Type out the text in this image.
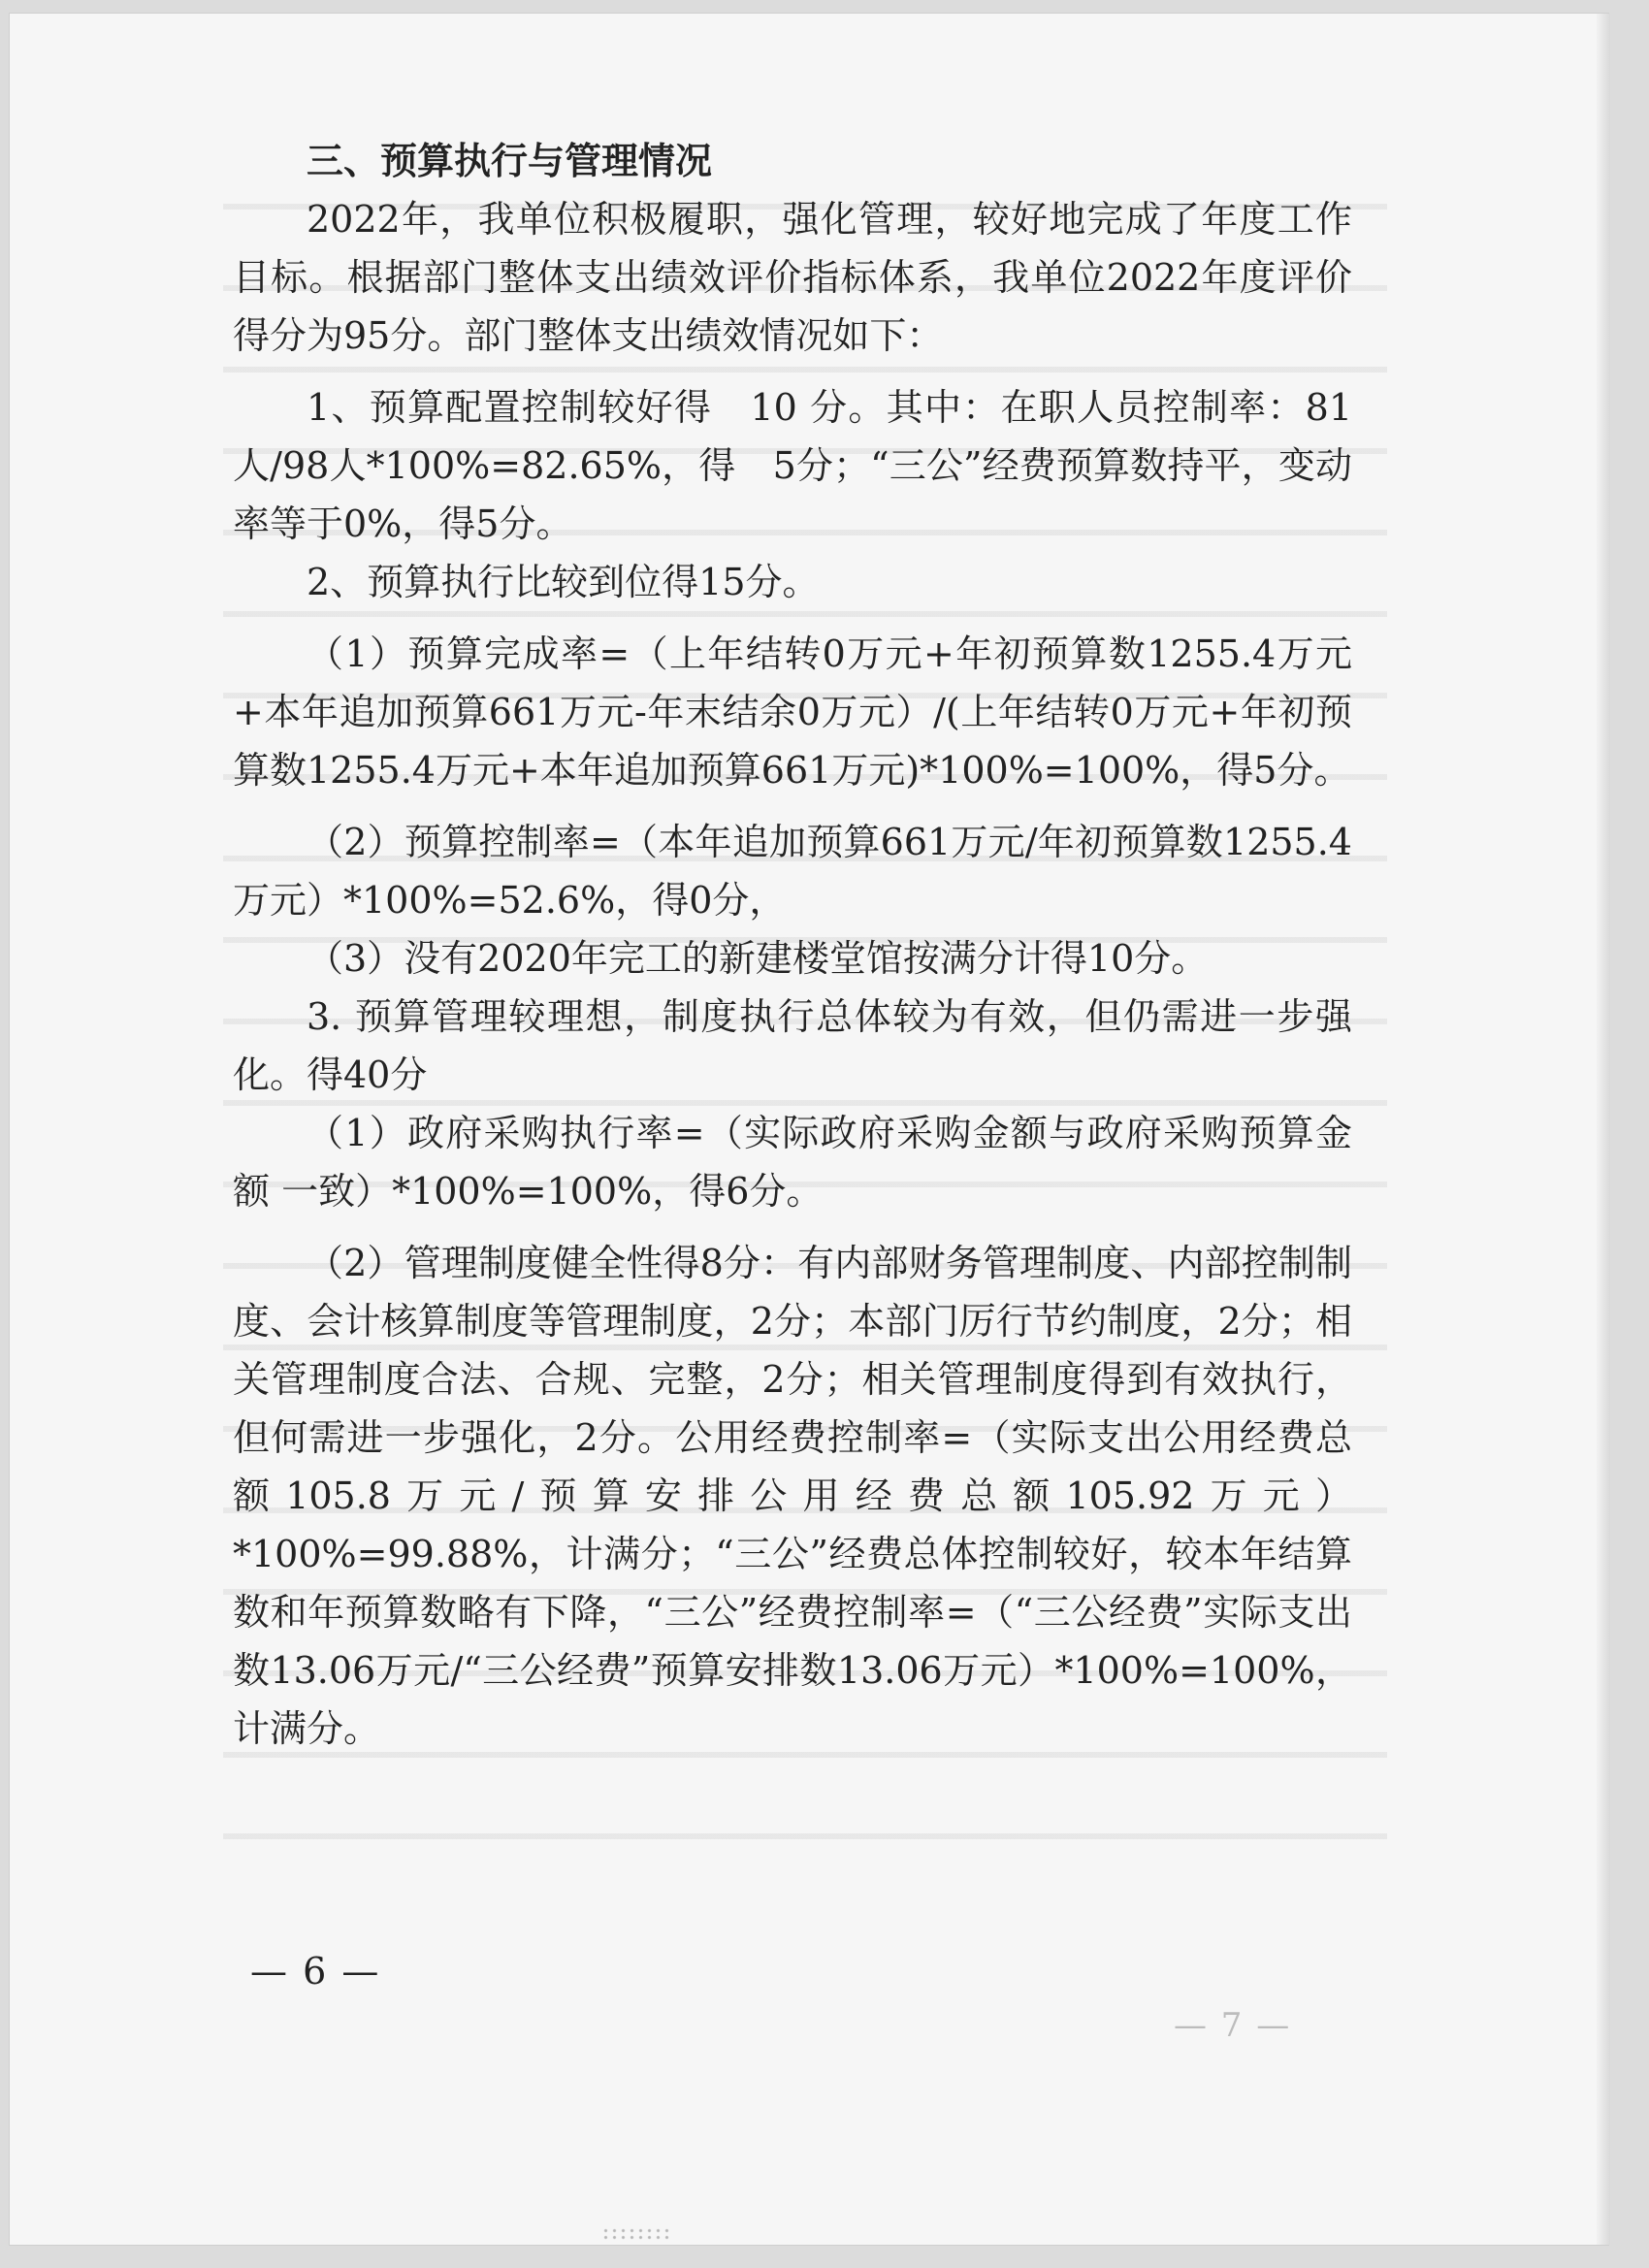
三、预算执行与管理情况

2022年，我单位积极履职，强化管理，较好地完成了年度工作目标。根据部门整体支出绩效评价指标体系，我单位2022年度评价得分为95分。部门整体支出绩效情况如下：

1、预算配置控制较好得　10 分。其中：在职人员控制率：81人/98人*100%=82.65%，得　5分；“三公”经费预算数持平，变动率等于0%，得5分。

2、预算执行比较到位得15分。

（1）预算完成率=（上年结转0万元+年初预算数1255.4万元+本年追加预算661万元-年末结余0万元）/(上年结转0万元+年初预算数1255.4万元+本年追加预算661万元)*100%=100%，得5分。

（2）预算控制率=（本年追加预算661万元/年初预算数1255.4万元）*100%=52.6%，得0分，

（3）没有2020年完工的新建楼堂馆按满分计得10分。

3. 预算管理较理想，制度执行总体较为有效，但仍需进一步强化。得40分

（1）政府采购执行率=（实际政府采购金额与政府采购预算金额 一致）*100%=100%，得6分。

（2）管理制度健全性得8分：有内部财务管理制度、内部控制制度、会计核算制度等管理制度，2分；本部门厉行节约制度，2分；相关管理制度合法、合规、完整，2分；相关管理制度得到有效执行，但何需进一步强化，2分。公用经费控制率=（实际支出公用经费总额105.8万元/预算安排公用经费总额105.92万元）*100%=99.88%，计满分；“三公”经费总体控制较好，较本年结算数和年预算数略有下降，“三公”经费控制率=（“三公经费”实际支出数13.06万元/“三公经费”预算安排数13.06万元）*100%=100%，计满分。

— 6 —
— 7 —
